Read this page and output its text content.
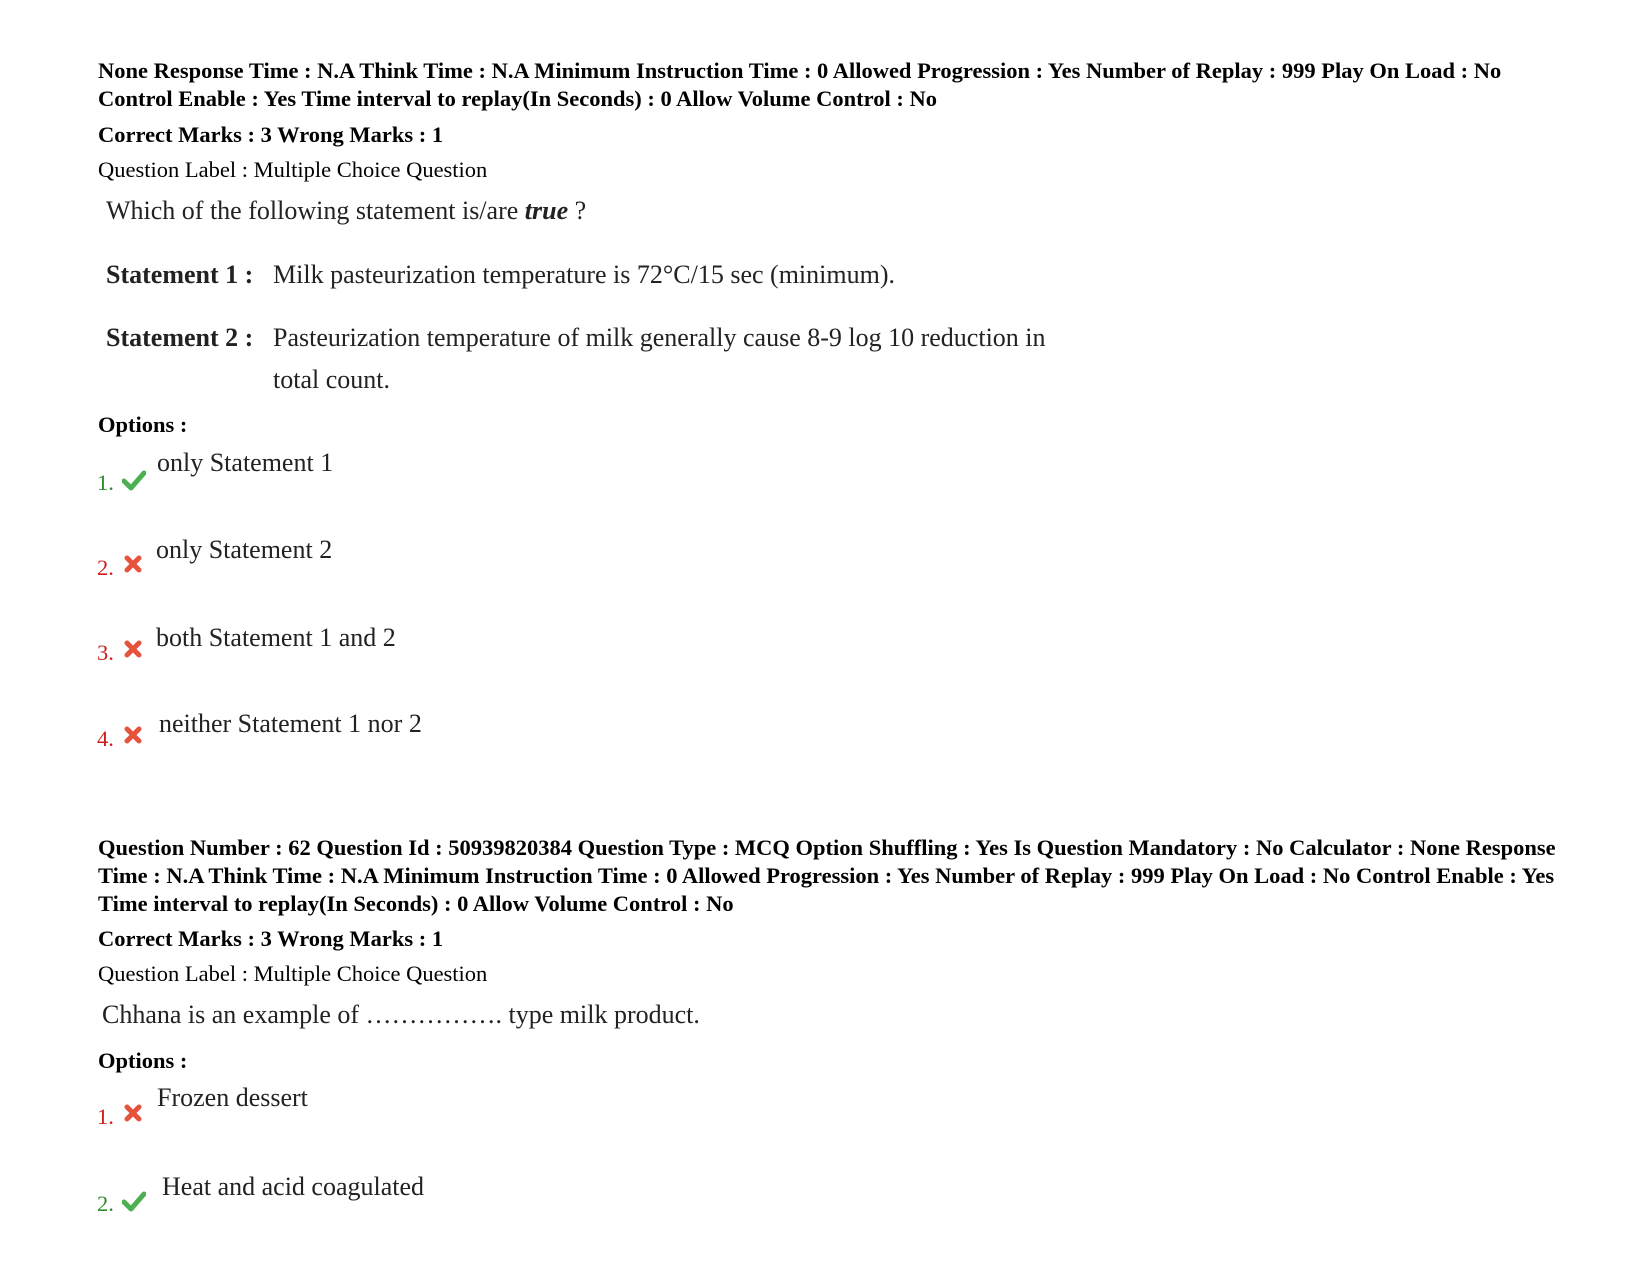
None Response Time : N.A Think Time : N.A Minimum Instruction Time : 0 Allowed Progression : Yes Number of Replay : 999 Play On Load : No Control Enable : Yes Time interval to replay(In Seconds) : 0 Allow Volume Control : No
Correct Marks : 3 Wrong Marks : 1
Question Label : Multiple Choice Question
Which of the following statement is/are true ?
Statement 1 : Milk pasteurization temperature is 72°C/15 sec (minimum).
Statement 2 : Pasteurization temperature of milk generally cause 8-9 log 10 reduction in
total count.
Options :
1.
only Statement 1
2.
only Statement 2
3.
both Statement 1 and 2
4.
neither Statement 1 nor 2
Question Number : 62 Question Id : 50939820384 Question Type : MCQ Option Shuffling : Yes Is Question Mandatory : No Calculator : None Response Time : N.A Think Time : N.A Minimum Instruction Time : 0 Allowed Progression : Yes Number of Replay : 999 Play On Load : No Control Enable : Yes Time interval to replay(In Seconds) : 0 Allow Volume Control : No
Correct Marks : 3 Wrong Marks : 1
Question Label : Multiple Choice Question
Chhana is an example of ……………. type milk product.
Options :
1.
Frozen dessert
2.
Heat and acid coagulated
